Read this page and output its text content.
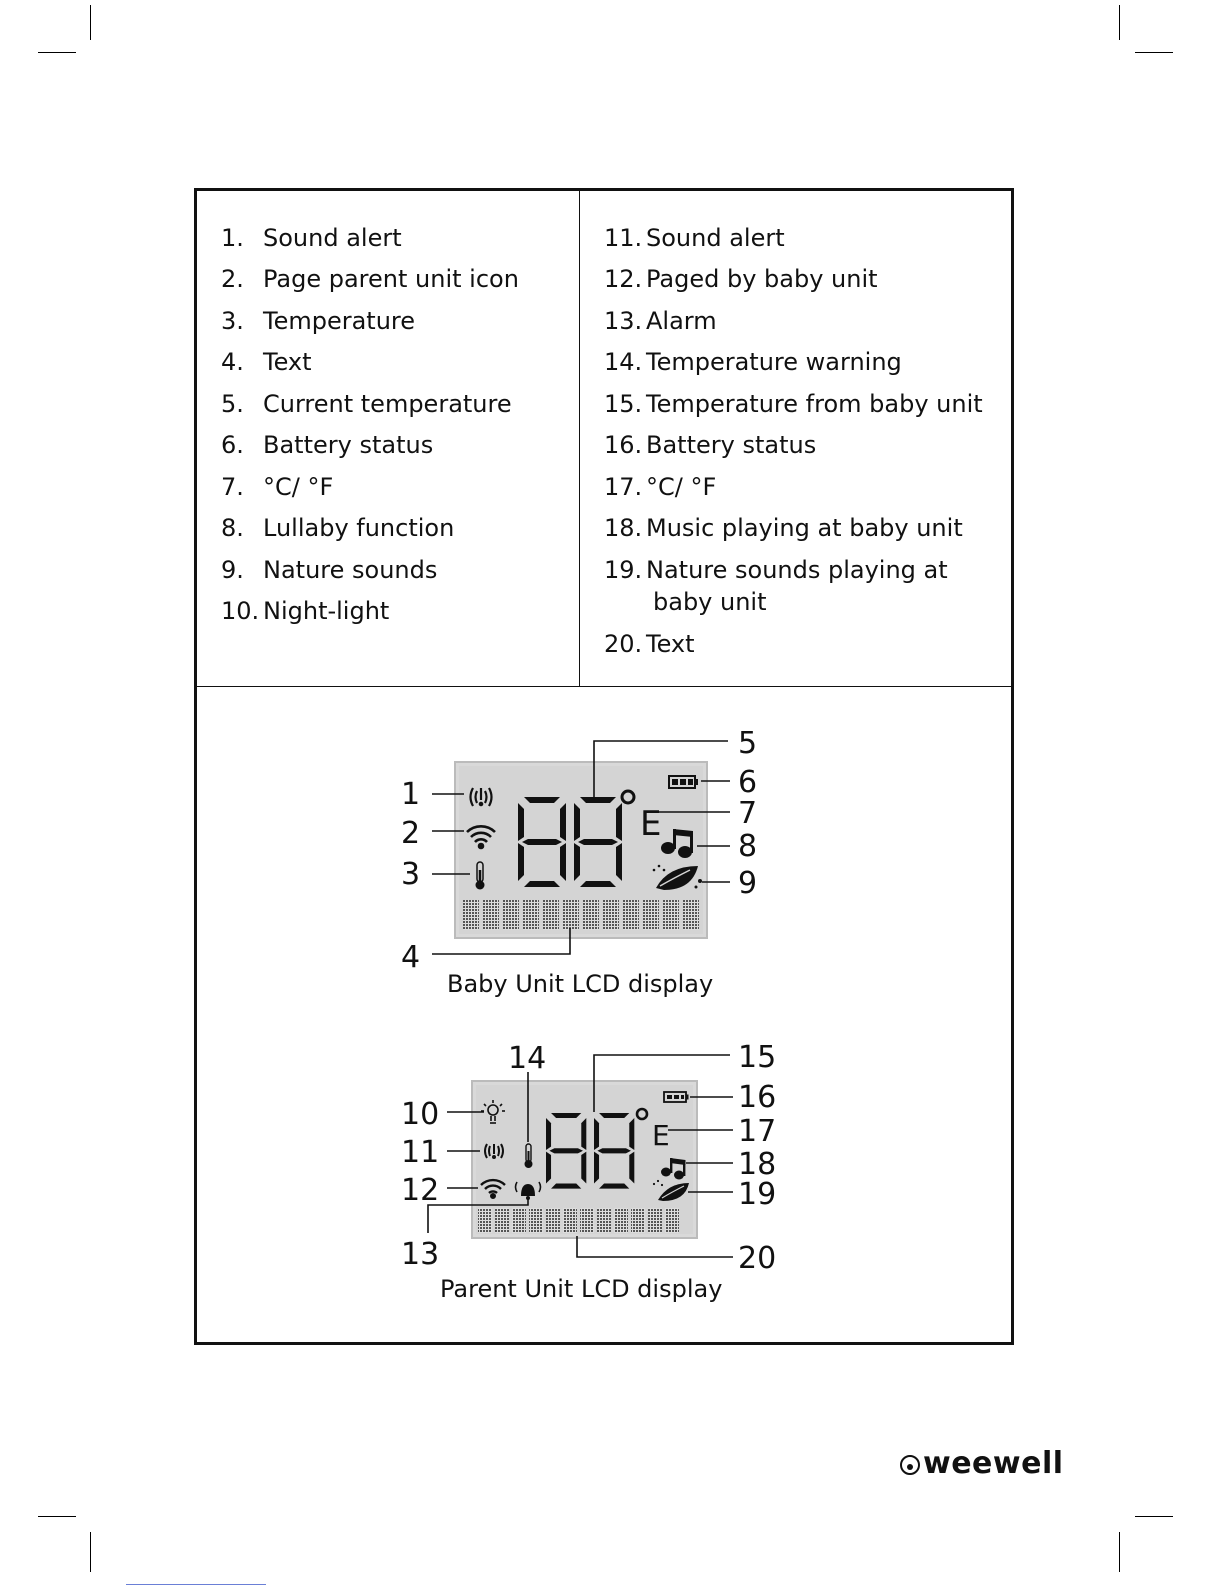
1. Sound alert
2. Page parent unit icon
3. Temperature
4. Text
5. Current temperature
6. Battery status
7. °C/ °F
8. Lullaby function
9. Nature sounds
10. Night-light
11. Sound alert
12. Paged by baby unit
13. Alarm
14. Temperature warning
15. Temperature from baby unit
16. Battery status
17. °C/ °F
18. Music playing at baby unit
19. Nature sounds playing at
baby unit
20. Text
E
1
2
3
4
5
6
7
8
9
E
10
11
12
13
14	15
16
17
18
19
20
Baby Unit LCD display
Parent Unit LCD display
weewell
